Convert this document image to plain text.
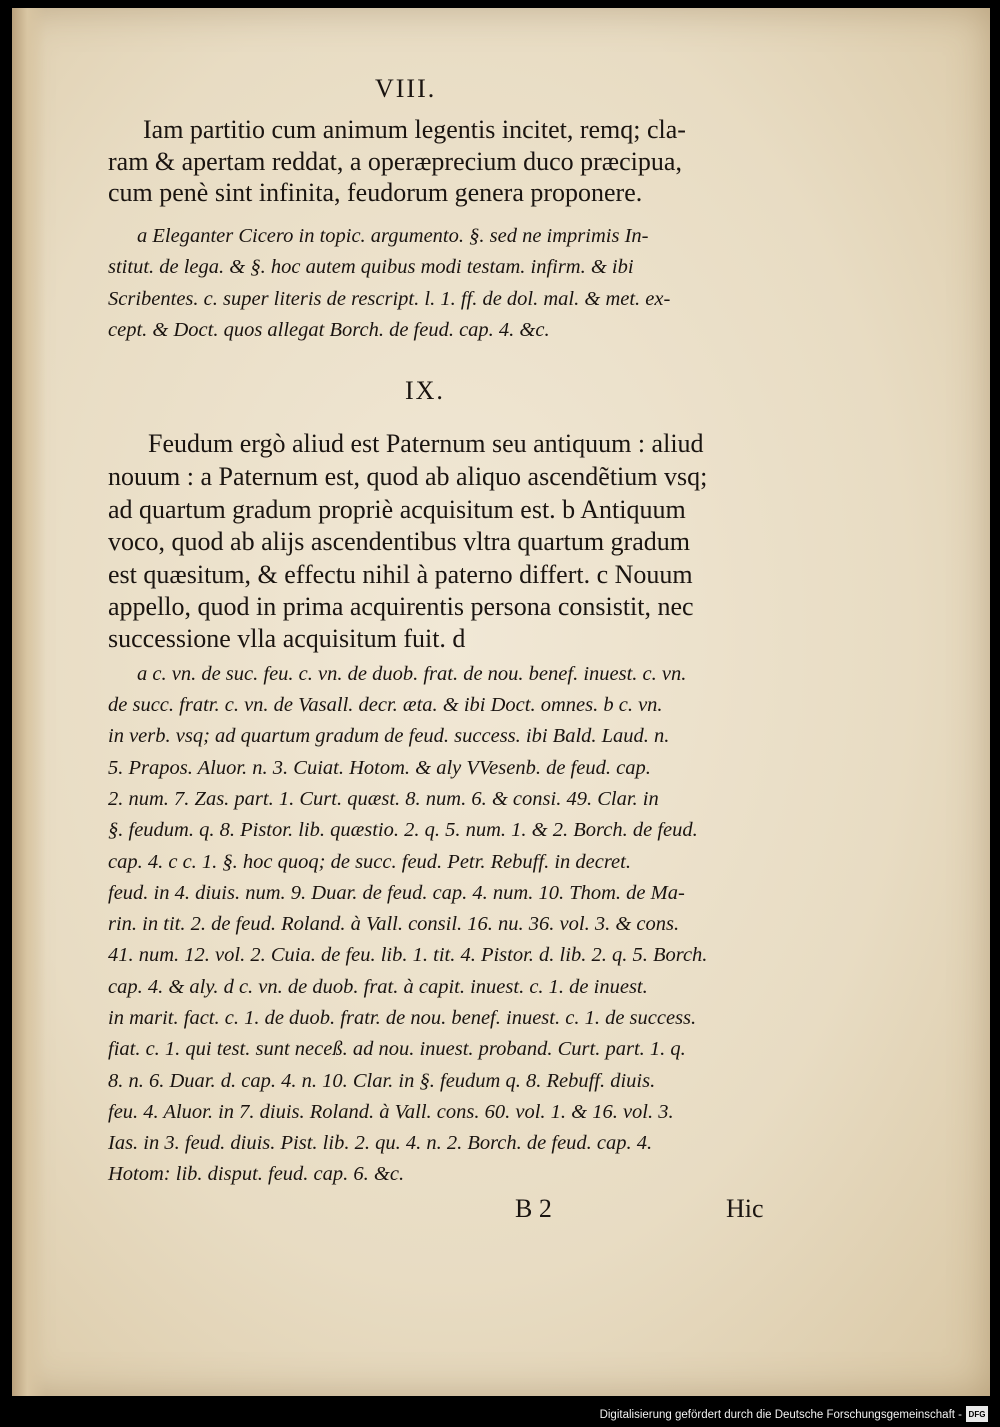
VIII.
Iam partitio cum animum legentis incitet, remq; cla-
ram & apertam reddat, a operæprecium duco præcipua,
cum penè sint infinita, feudorum genera proponere.
a Eleganter Cicero in topic. argumento. §. sed ne imprimis In-
stitut. de lega. & §. hoc autem quibus modi testam. infirm. & ibi
Scribentes. c. super literis de rescript. l. 1. ff. de dol. mal. & met. ex-
cept. & Doct. quos allegat Borch. de feud. cap. 4. &c.
IX.
Feudum ergò aliud est Paternum seu antiquum : aliud
nouum : a Paternum est, quod ab aliquo ascendẽtium vsq;
ad quartum gradum propriè acquisitum est. b Antiquum
voco, quod ab alijs ascendentibus vltra quartum gradum
est quæsitum, & effectu nihil à paterno differt. c Nouum
appello, quod in prima acquirentis persona consistit, nec
successione vlla acquisitum fuit. d
a c. vn. de suc. feu. c. vn. de duob. frat. de nou. benef. inuest. c. vn.
de succ. fratr. c. vn. de Vasall. decr. æta. & ibi Doct. omnes. b c. vn.
in verb. vsq; ad quartum gradum de feud. success. ibi Bald. Laud. n.
5. Prapos. Aluor. n. 3. Cuiat. Hotom. & aly VVesenb. de feud. cap.
2. num. 7. Zas. part. 1. Curt. quæst. 8. num. 6. & consi. 49. Clar. in
§. feudum. q. 8. Pistor. lib. quæstio. 2. q. 5. num. 1. & 2. Borch. de feud.
cap. 4. c c. 1. §. hoc quoq; de succ. feud. Petr. Rebuff. in decret.
feud. in 4. diuis. num. 9. Duar. de feud. cap. 4. num. 10. Thom. de Ma-
rin. in tit. 2. de feud. Roland. à Vall. consil. 16. nu. 36. vol. 3. & cons.
41. num. 12. vol. 2. Cuia. de feu. lib. 1. tit. 4. Pistor. d. lib. 2. q. 5. Borch.
cap. 4. & aly. d c. vn. de duob. frat. à capit. inuest. c. 1. de inuest.
in marit. fact. c. 1. de duob. fratr. de nou. benef. inuest. c. 1. de success.
fiat. c. 1. qui test. sunt neceß. ad nou. inuest. proband. Curt. part. 1. q.
8. n. 6. Duar. d. cap. 4. n. 10. Clar. in §. feudum q. 8. Rebuff. diuis.
feu. 4. Aluor. in 7. diuis. Roland. à Vall. cons. 60. vol. 1. & 16. vol. 3.
Ias. in 3. feud. diuis. Pist. lib. 2. qu. 4. n. 2. Borch. de feud. cap. 4.
Hotom: lib. disput. feud. cap. 6. &c.
B 2	Hic
Digitalisierung gefördert durch die Deutsche Forschungsgemeinschaft - DFG
